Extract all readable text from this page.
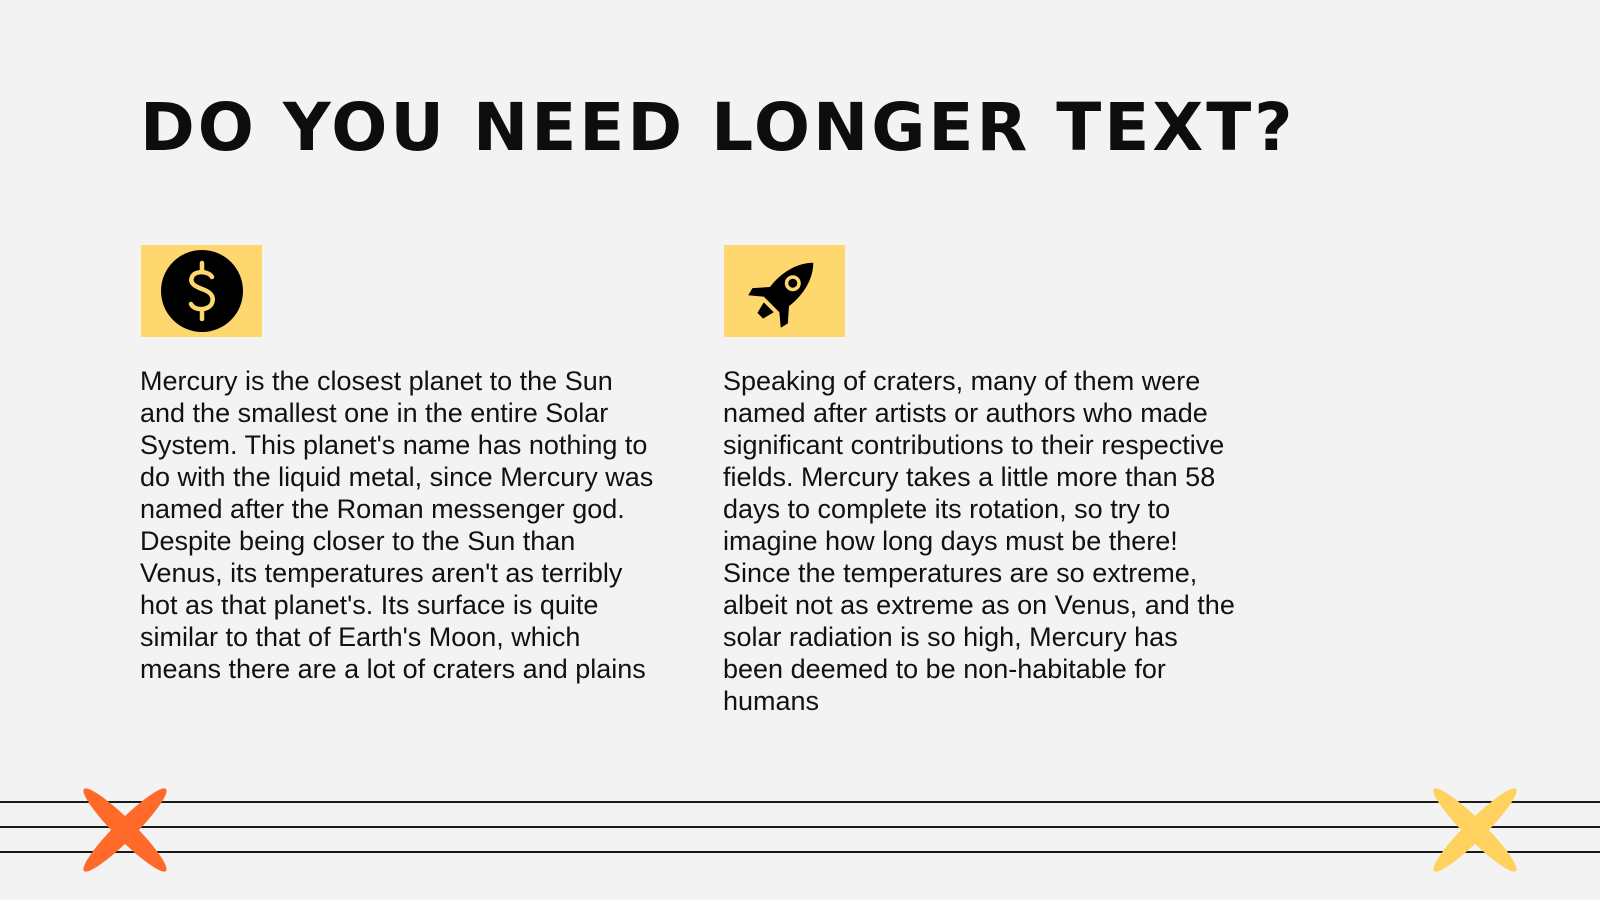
DO YOU NEED LONGER TEXT?

Mercury is the closest planet to the Sun and the smallest one in the entire Solar System. This planet's name has nothing to do with the liquid metal, since Mercury was named after the Roman messenger god. Despite being closer to the Sun than Venus, its temperatures aren't as terribly hot as that planet's. Its surface is quite similar to that of Earth's Moon, which means there are a lot of craters and plains

Speaking of craters, many of them were named after artists or authors who made significant contributions to their respective fields. Mercury takes a little more than 58 days to complete its rotation, so try to imagine how long days must be there! Since the temperatures are so extreme, albeit not as extreme as on Venus, and the solar radiation is so high, Mercury has been deemed to be non-habitable for humans
